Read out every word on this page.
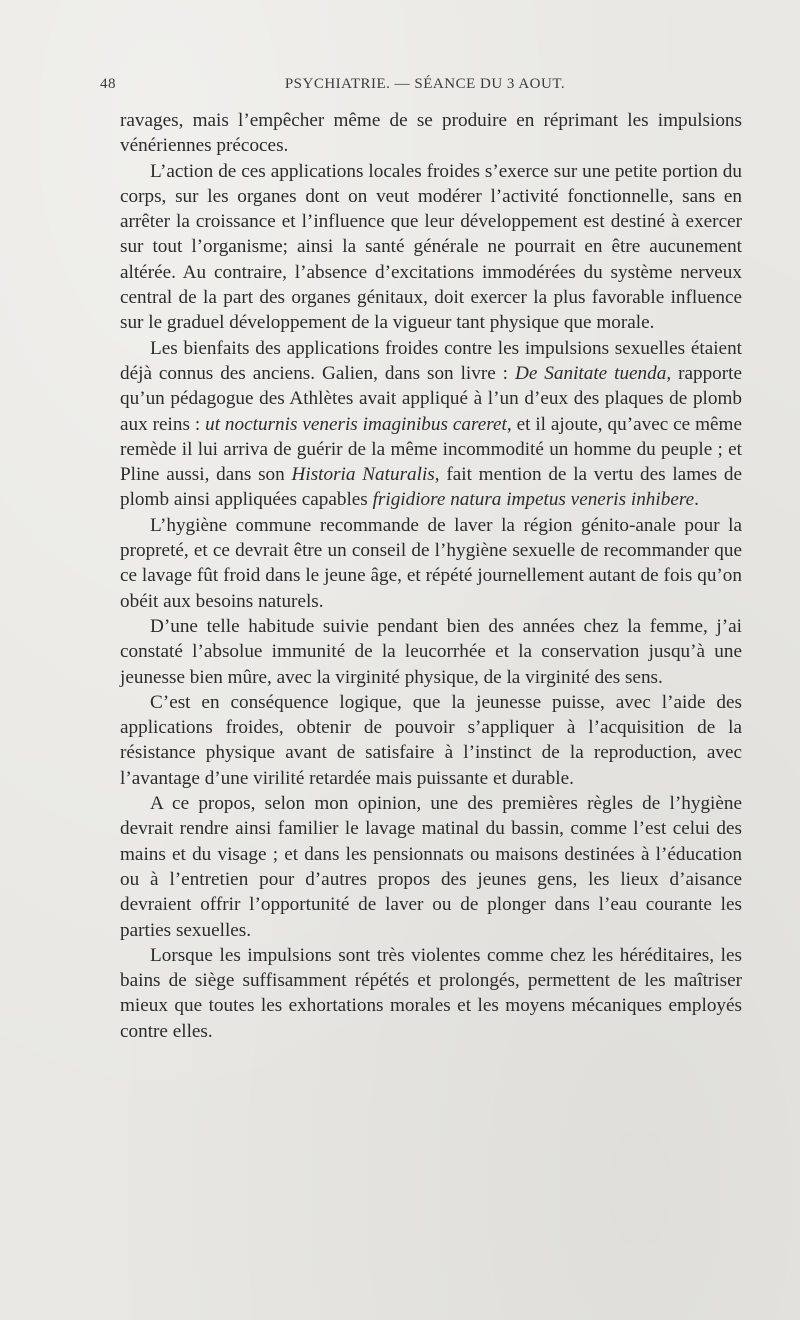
48	PSYCHIATRIE. — SÉANCE DU 3 AOUT.

ravages, mais l’empêcher même de se produire en réprimant les impulsions vénériennes précoces.

L’action de ces applications locales froides s’exerce sur une petite portion du corps, sur les organes dont on veut modérer l’activité fonctionnelle, sans en arrêter la croissance et l’influence que leur développement est destiné à exercer sur tout l’organisme; ainsi la santé générale ne pourrait en être aucunement altérée. Au contraire, l’absence d’excitations immodérées du système nerveux central de la part des organes génitaux, doit exercer la plus favorable influence sur le graduel développement de la vigueur tant physique que morale.

Les bienfaits des applications froides contre les impulsions sexuelles étaient déjà connus des anciens. Galien, dans son livre : De Sanitate tuenda, rapporte qu’un pédagogue des Athlètes avait appliqué à l’un d’eux des plaques de plomb aux reins : ut nocturnis veneris imaginibus careret, et il ajoute, qu’avec ce même remède il lui arriva de guérir de la même incommodité un homme du peuple ; et Pline aussi, dans son Historia Naturalis, fait mention de la vertu des lames de plomb ainsi appliquées capables frigidiore natura impetus veneris inhibere.

L’hygiène commune recommande de laver la région génito-anale pour la propreté, et ce devrait être un conseil de l’hygiène sexuelle de recommander que ce lavage fût froid dans le jeune âge, et répété journellement autant de fois qu’on obéit aux besoins naturels.

D’une telle habitude suivie pendant bien des années chez la femme, j’ai constaté l’absolue immunité de la leucorrhée et la conservation jusqu’à une jeunesse bien mûre, avec la virginité physique, de la virginité des sens.

C’est en conséquence logique, que la jeunesse puisse, avec l’aide des applications froides, obtenir de pouvoir s’appliquer à l’acquisition de la résistance physique avant de satisfaire à l’instinct de la reproduction, avec l’avantage d’une virilité retardée mais puissante et durable.

A ce propos, selon mon opinion, une des premières règles de l’hygiène devrait rendre ainsi familier le lavage matinal du bassin, comme l’est celui des mains et du visage ; et dans les pensionnats ou maisons destinées à l’éducation ou à l’entretien pour d’autres propos des jeunes gens, les lieux d’aisance devraient offrir l’opportunité de laver ou de plonger dans l’eau courante les parties sexuelles.

Lorsque les impulsions sont très violentes comme chez les héréditaires, les bains de siège suffisamment répétés et prolongés, permettent de les maîtriser mieux que toutes les exhortations morales et les moyens mécaniques employés contre elles.
